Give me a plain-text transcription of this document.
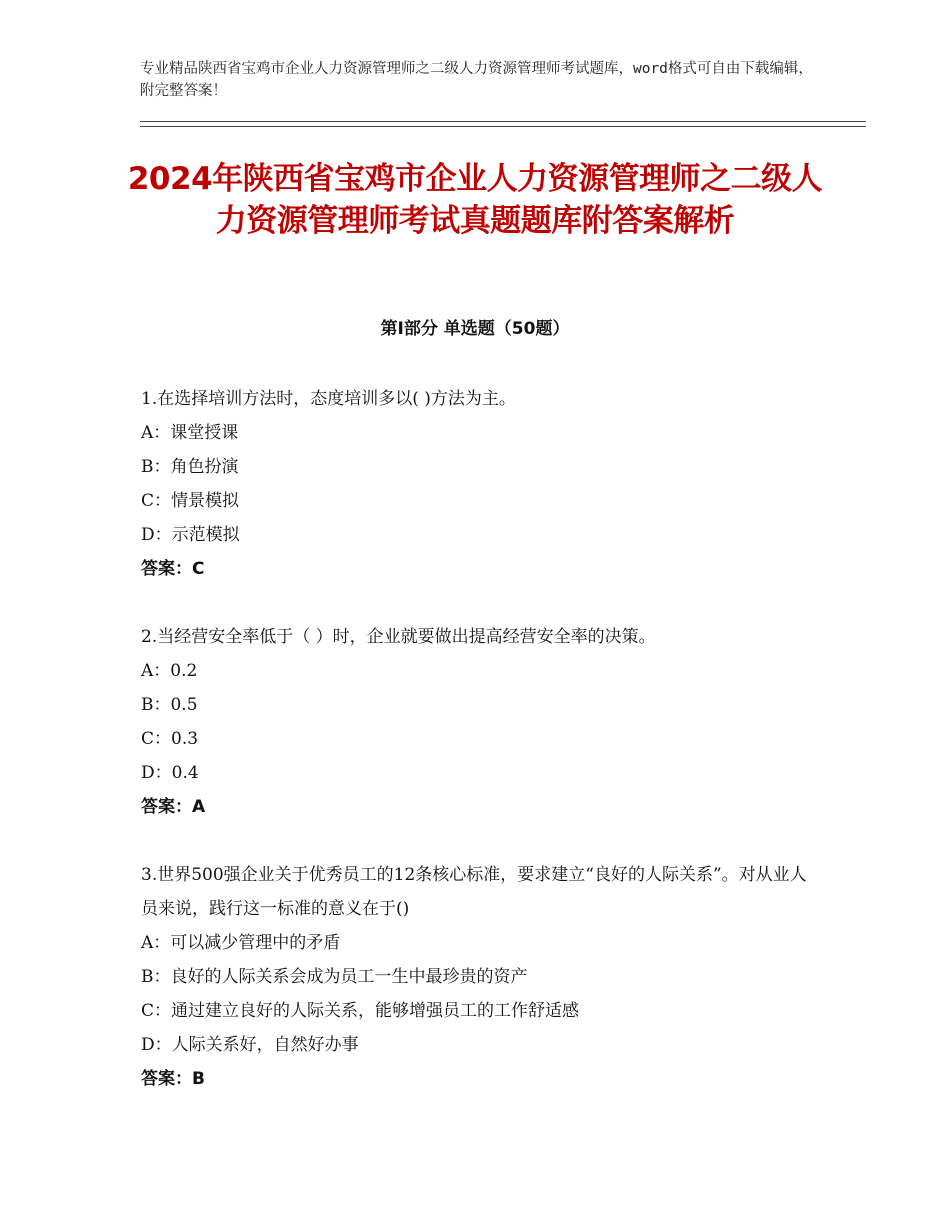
专业精品陕西省宝鸡市企业人力资源管理师之二级人力资源管理师考试题库，word格式可自由下载编辑，附完整答案！
2024年陕西省宝鸡市企业人力资源管理师之二级人力资源管理师考试真题题库附答案解析
第Ⅰ部分 单选题（50题）

1.在选择培训方法时，态度培训多以( )方法为主。

A：课堂授课

B：角色扮演

C：情景模拟

D：示范模拟

答案：C

2.当经营安全率低于（ ）时，企业就要做出提高经营安全率的决策。

A：0.2

B：0.5

C：0.3

D：0.4

答案：A

3.世界500强企业关于优秀员工的12条核心标准，要求建立“良好的人际关系”。对从业人员来说，践行这一标准的意义在于()

A：可以减少管理中的矛盾

B：良好的人际关系会成为员工一生中最珍贵的资产

C：通过建立良好的人际关系，能够增强员工的工作舒适感

D：人际关系好，自然好办事

答案：B
